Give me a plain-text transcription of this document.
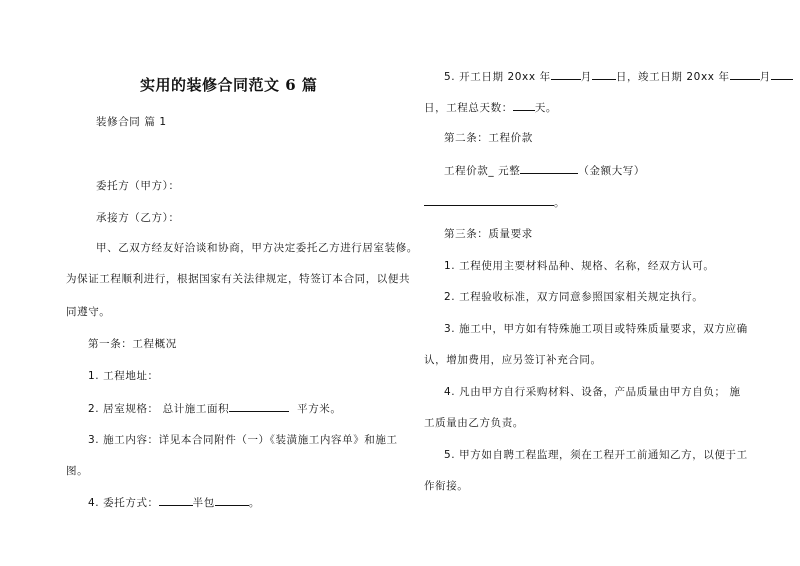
实用的装修合同范文 6 篇
装修合同 篇 1
委托方（甲方）：
承接方（乙方）：
甲、乙双方经友好洽谈和协商，甲方决定委托乙方进行居室装修。
为保证工程顺利进行，根据国家有关法律规定，特签订本合同，以便共
同遵守。
第一条：工程概况
1. 工程地址：
2. 居室规格： 总计施工面积	平方米。
3. 施工内容：详见本合同附件（一）《装潢施工内容单》和施工
图。
4. 委托方式：	半包	。
5. 开工日期 20xx 年	月 日，竣工日期 20xx 年	月
日，工程总天数： 天。
第二条：工程价款
工程价款_ 元整	（金额大写）
。
第三条：质量要求
1. 工程使用主要材料品种、规格、名称，经双方认可。
2. 工程验收标准，双方同意参照国家相关规定执行。
3. 施工中，甲方如有特殊施工项目或特殊质量要求，双方应确
认，增加费用，应另签订补充合同。
4. 凡由甲方自行采购材料、设备，产品质量由甲方自负； 施
工质量由乙方负责。
5. 甲方如自聘工程监理，须在工程开工前通知乙方，以便于工
作衔接。
